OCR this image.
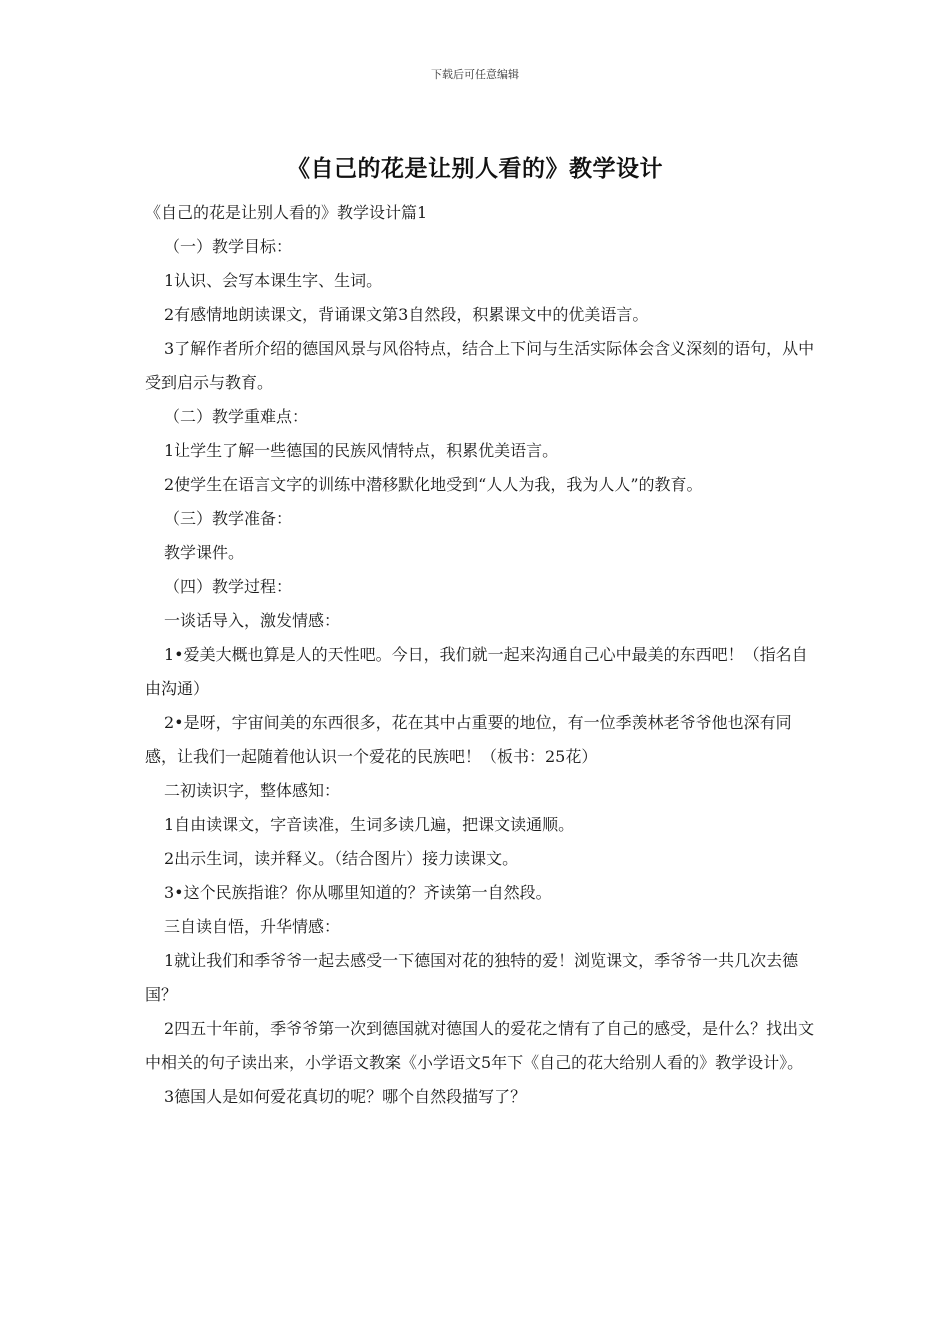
下载后可任意编辑
《自己的花是让别人看的》教学设计

《自己的花是让别人看的》教学设计篇1

（一）教学目标：

1认识、会写本课生字、生词。

2有感情地朗读课文，背诵课文第3自然段，积累课文中的优美语言。

3了解作者所介绍的德国风景与风俗特点，结合上下问与生活实际体会含义深刻的语句，从中受到启示与教育。

（二）教学重难点：

1让学生了解一些德国的民族风情特点，积累优美语言。

2使学生在语言文字的训练中潜移默化地受到“人人为我，我为人人”的教育。

（三）教学准备：

教学课件。

（四）教学过程：

一谈话导入，激发情感：

1•爱美大概也算是人的天性吧。今日，我们就一起来沟通自己心中最美的东西吧！（指名自由沟通）

2•是呀，宇宙间美的东西很多，花在其中占重要的地位，有一位季羡林老爷爷他也深有同感，让我们一起随着他认识一个爱花的民族吧！（板书：25花）

二初读识字，整体感知：

1自由读课文，字音读准，生词多读几遍，把课文读通顺。

2出示生词，读并释义。（结合图片）接力读课文。

3•这个民族指谁？你从哪里知道的？齐读第一自然段。

三自读自悟，升华情感：

1就让我们和季爷爷一起去感受一下德国对花的独特的爱！浏览课文，季爷爷一共几次去德国？

2四五十年前，季爷爷第一次到德国就对德国人的爱花之情有了自己的感受，是什么？找出文中相关的句子读出来，小学语文教案《小学语文5年下《自己的花大给别人看的》教学设计》。

3德国人是如何爱花真切的呢？哪个自然段描写了？
